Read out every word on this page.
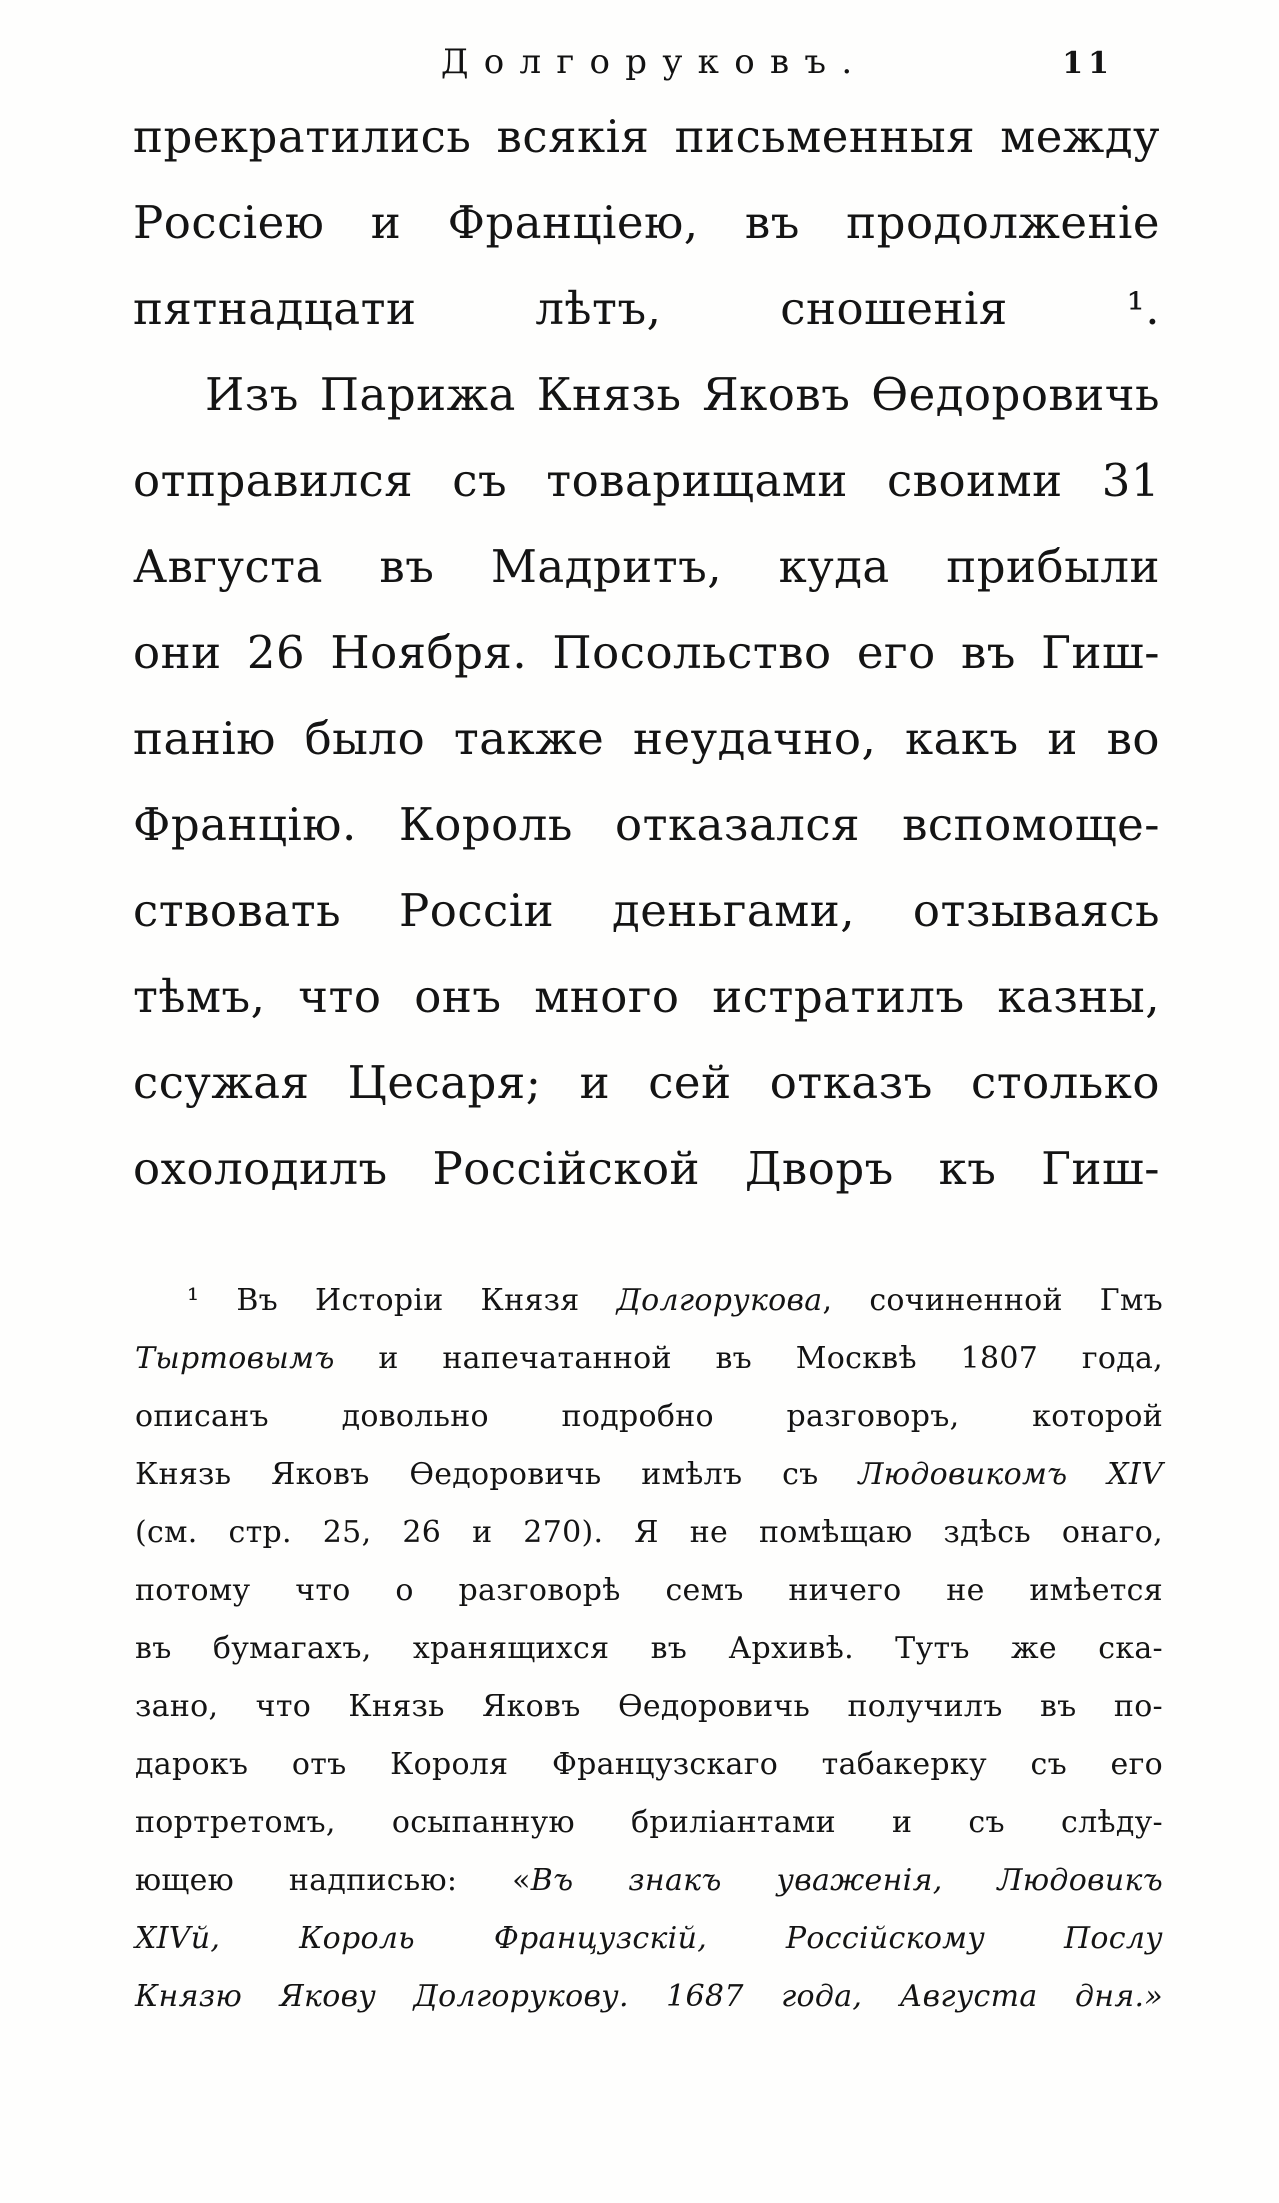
Долгоруковъ.	11
прекратились всякія письменныя между
Россіею и Франціею, въ продолженіе
пятнадцати лѣтъ, сношенія ¹.
Изъ Парижа Князь Яковъ Ѳедоровичь
отправился съ товарищами своими 31
Августа въ Мадритъ, куда прибыли
они 26 Ноября. Посольство его въ Гиш-
панію было также неудачно, какъ и во
Францію. Король отказался вспомоще-
ствовать Россіи деньгами, отзываясь
тѣмъ, что онъ много истратилъ казны,
ссужая Цесаря; и сей отказъ столько
охолодилъ Россійской Дворъ къ Гиш-
¹ Въ Исторіи Князя Долгорукова, сочиненной Гмъ
Тыртовымъ и напечатанной въ Москвѣ 1807 года,
описанъ довольно подробно разговоръ, которой
Князь Яковъ Ѳедоровичь имѣлъ съ Людовикомъ XIV
(см. стр. 25, 26 и 270). Я не помѣщаю здѣсь онаго,
потому что о разговорѣ семъ ничего не имѣется
въ бумагахъ, хранящихся въ Архивѣ. Тутъ же ска-
зано, что Князь Яковъ Ѳедоровичь получилъ въ по-
дарокъ отъ Короля Французскаго табакерку съ его
портретомъ, осыпанную бриліантами и съ слѣду-
ющею надписью: «Въ знакъ уваженія, Людовикъ
XIVй, Король Французскій, Россійскому Послу
Князю Якову Долгорукову. 1687 года, Августа дня.»
